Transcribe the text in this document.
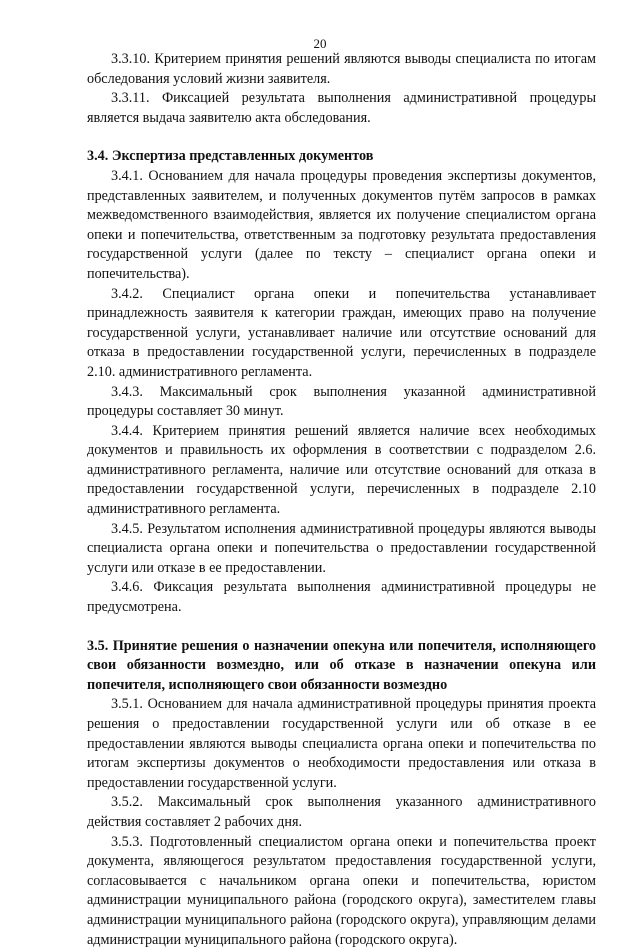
20

3.3.10. Критерием принятия решений являются выводы специалиста по итогам обследования условий жизни заявителя.

3.3.11. Фиксацией результата выполнения административной процедуры является выдача заявителю акта обследования.

3.4. Экспертиза представленных документов

3.4.1. Основанием для начала процедуры проведения экспертизы документов, представленных заявителем, и полученных документов путём запросов в рамках межведомственного взаимодействия, является их получение специалистом органа опеки и попечительства, ответственным за подготовку результата предоставления государственной услуги (далее по тексту – специалист органа опеки и попечительства).

3.4.2. Специалист органа опеки и попечительства устанавливает принадлежность заявителя к категории граждан, имеющих право на получение государственной услуги, устанавливает наличие или отсутствие оснований для отказа в предоставлении государственной услуги, перечисленных в подразделе 2.10. административного регламента.

3.4.3. Максимальный срок выполнения указанной административной процедуры составляет 30 минут.

3.4.4. Критерием принятия решений является наличие всех необходимых документов и правильность их оформления в соответствии с подразделом 2.6. административного регламента, наличие или отсутствие оснований для отказа в предоставлении государственной услуги, перечисленных в подразделе 2.10 административного регламента.

3.4.5. Результатом исполнения административной процедуры являются выводы специалиста органа опеки и попечительства о предоставлении государственной услуги или отказе в ее предоставлении.

3.4.6. Фиксация результата выполнения административной процедуры не предусмотрена.

3.5. Принятие решения о назначении опекуна или попечителя, исполняющего свои обязанности возмездно, или об отказе в назначении опекуна или попечителя, исполняющего свои обязанности возмездно

3.5.1. Основанием для начала административной процедуры принятия проекта решения о предоставлении государственной услуги или об отказе в ее предоставлении являются выводы специалиста органа опеки и попечительства по итогам экспертизы документов о необходимости предоставления или отказа в предоставлении государственной услуги.

3.5.2. Максимальный срок выполнения указанного административного действия составляет 2 рабочих дня.

3.5.3. Подготовленный специалистом органа опеки и попечительства проект документа, являющегося результатом предоставления государственной услуги, согласовывается с начальником органа опеки и попечительства, юристом администрации муниципального района (городского округа), заместителем главы администрации муниципального района (городского округа), управляющим делами администрации муниципального района (городского округа).
